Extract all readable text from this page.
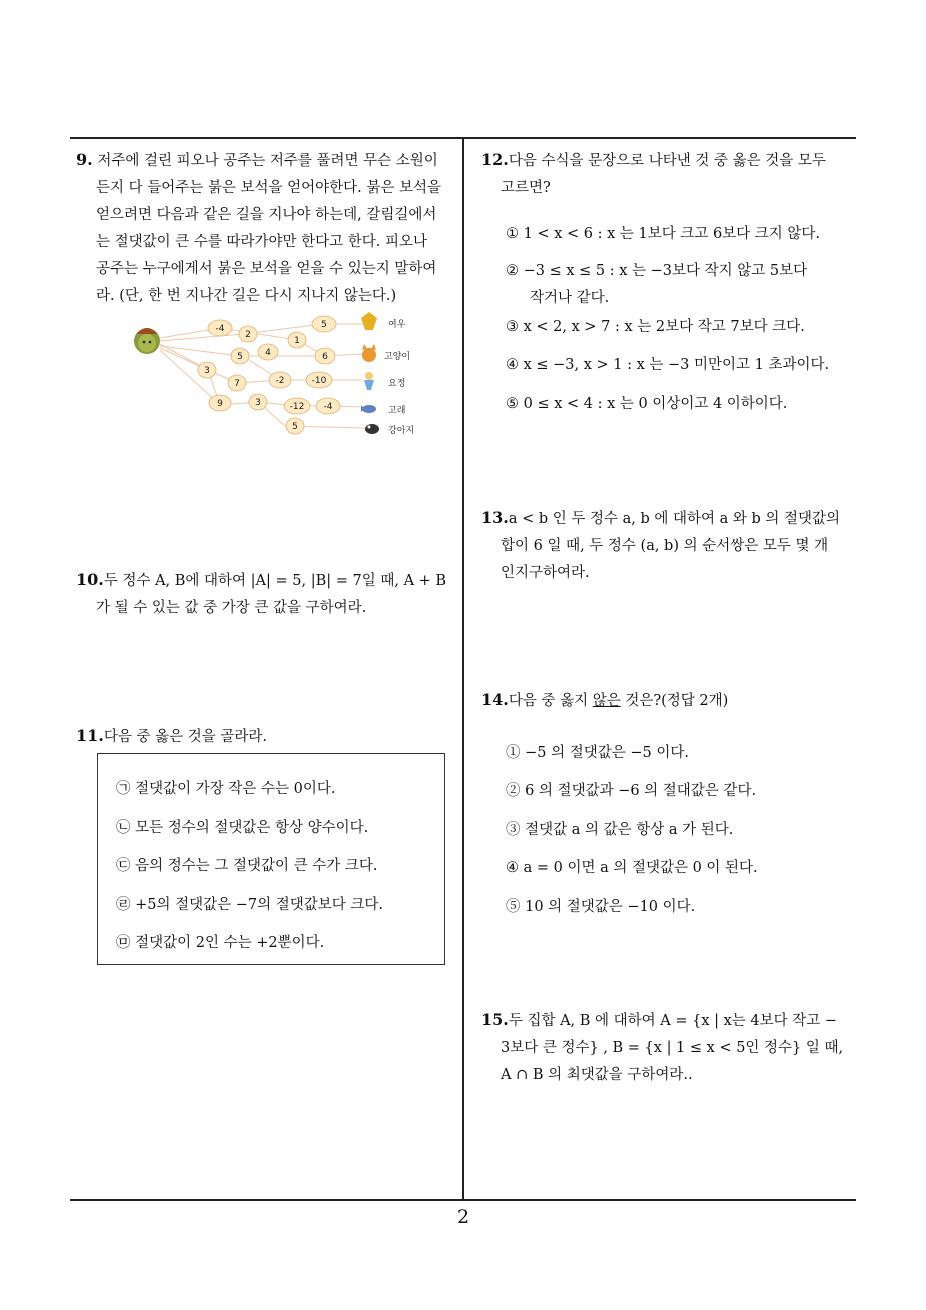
9. 저주에 걸린 피오나 공주는 저주를 풀려면 무슨 소원이
든지 다 들어주는 붉은 보석을 얻어야한다. 붉은 보석을
얻으려면 다음과 같은 길을 지나야 하는데, 갈림길에서
는 절댓값이 큰 수를 따라가야만 한다고 한다. 피오나
공주는 누구에게서 붉은 보석을 얻을 수 있는지 말하여
라. (단, 한 번 지나간 길은 다시 지나지 않는다.)
-4
2
1
5
5 4	6
3
7	-2	-10
9	3	-12 -4
5
여우
고양이
요정
고래
강아지
10.두 정수 A, B에 대하여 |A| = 5, |B| = 7일 때, A + B
가 될 수 있는 값 중 가장 큰 값을 구하여라.
11.다음 중 옳은 것을 골라라.
㉠ 절댓값이 가장 작은 수는 0이다.
㉡ 모든 정수의 절댓값은 항상 양수이다.
㉢ 음의 정수는 그 절댓값이 큰 수가 크다.
㉣ +5의 절댓값은 −7의 절댓값보다 크다.
㉤ 절댓값이 2인 수는 +2뿐이다.
12.다음 수식을 문장으로 나타낸 것 중 옳은 것을 모두
고르면?
① 1 < x < 6 : x 는 1보다 크고 6보다 크지 않다.
② −3 ≤ x ≤ 5 : x 는 −3보다 작지 않고 5보다
작거나 같다.
③ x < 2, x > 7 : x 는 2보다 작고 7보다 크다.
④ x ≤ −3, x > 1 : x 는 −3 미만이고 1 초과이다.
⑤ 0 ≤ x < 4 : x 는 0 이상이고 4 이하이다.
13.a < b 인 두 정수 a, b 에 대하여 a 와 b 의 절댓값의
합이 6 일 때, 두 정수 (a, b) 의 순서쌍은 모두 몇 개
인지구하여라.
14.다음 중 옳지 않은 것은?(정답 2개)
① −5 의 절댓값은 −5 이다.
② 6 의 절댓값과 −6 의 절대값은 같다.
③ 절댓값 a 의 값은 항상 a 가 된다.
④ a = 0 이면 a 의 절댓값은 0 이 된다.
⑤ 10 의 절댓값은 −10 이다.
15.두 집합 A, B 에 대하여 A = {x | x는 4보다 작고 −
3보다 큰 정수} , B = {x | 1 ≤ x < 5인 정수} 일 때,
A ∩ B 의 최댓값을 구하여라..
2
